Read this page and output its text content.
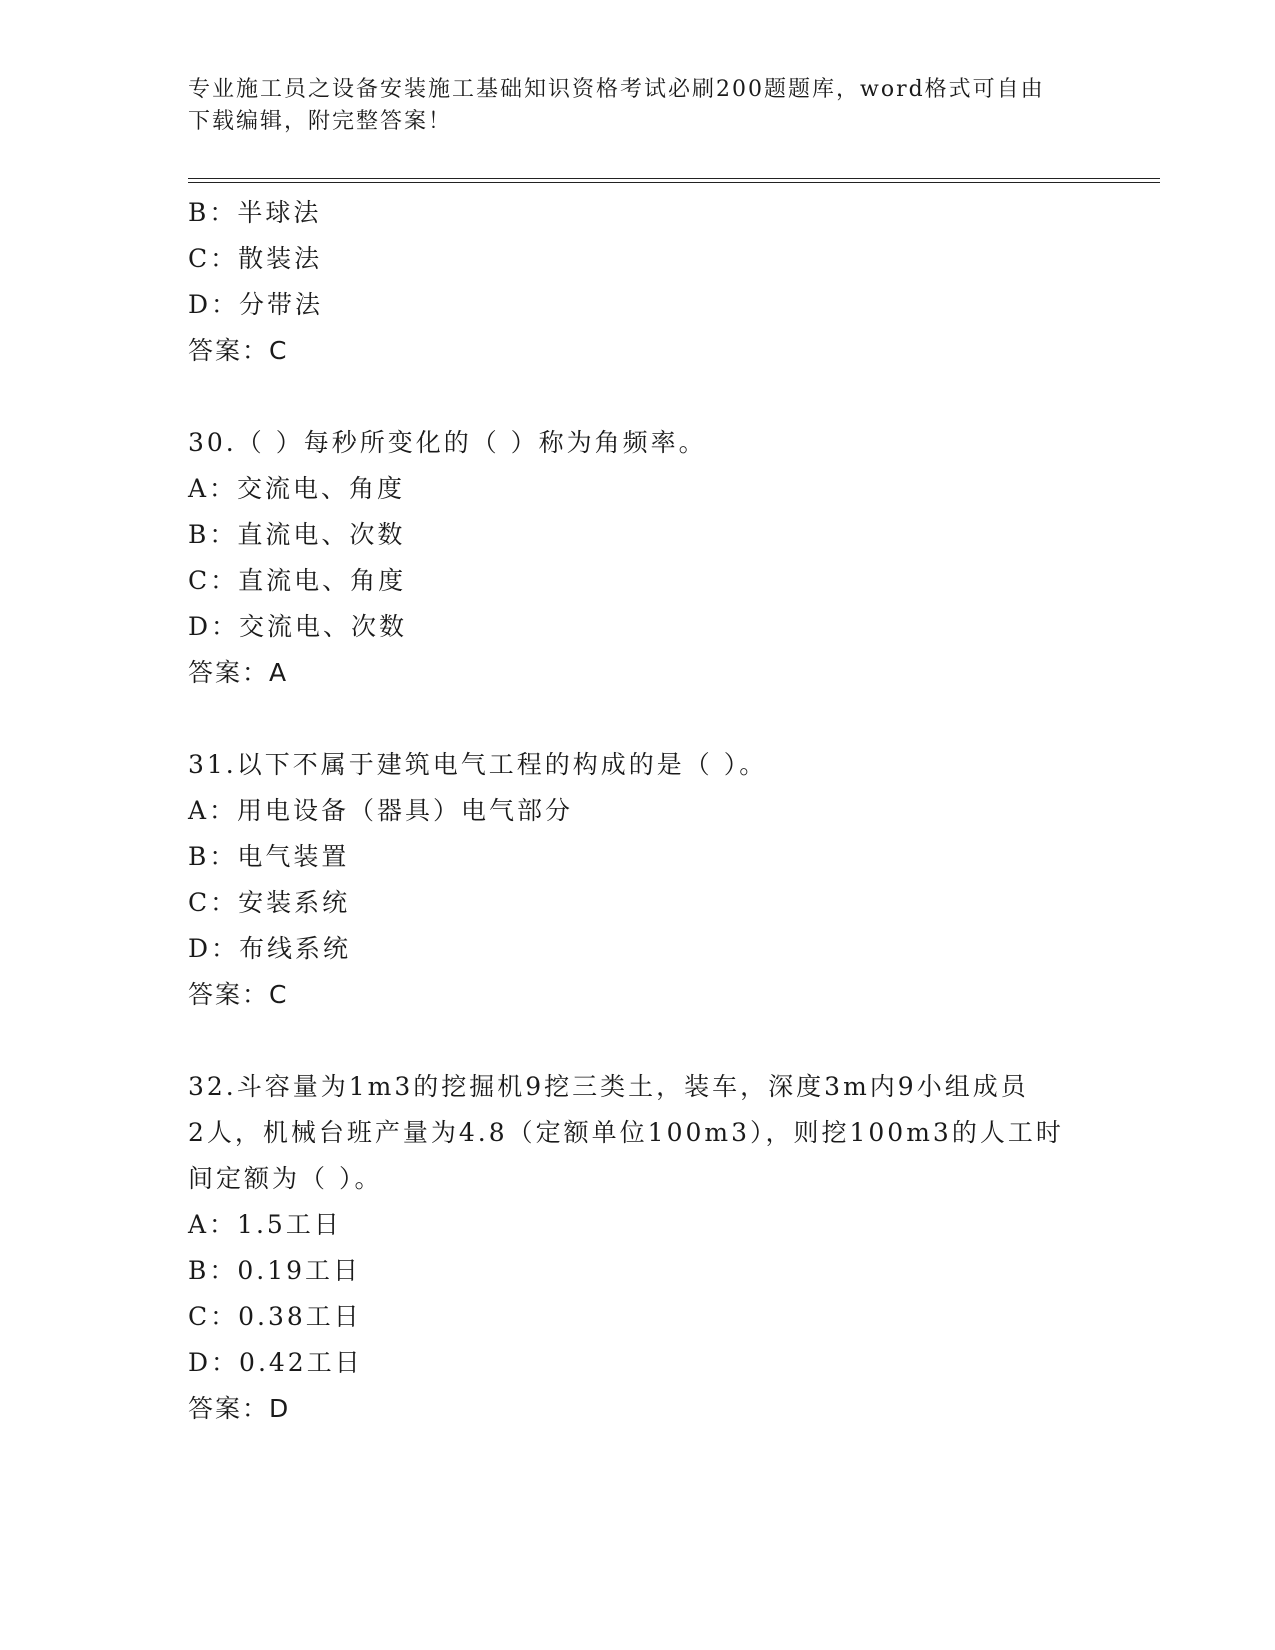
专业施工员之设备安装施工基础知识资格考试必刷200题题库，word格式可自由
下载编辑，附完整答案！
B：半球法
C：散装法
D：分带法
答案：C
30.（ ）每秒所变化的（ ）称为角频率。
A：交流电、角度
B：直流电、次数
C：直流电、角度
D：交流电、次数
答案：A
31.以下不属于建筑电气工程的构成的是（ ）。
A：用电设备（器具）电气部分
B：电气装置
C：安装系统
D：布线系统
答案：C
32.斗容量为1m3的挖掘机9挖三类土，装车，深度3m内9小组成员
2人，机械台班产量为4.8（定额单位100m3），则挖100m3的人工时
间定额为（ ）。
A：1.5工日
B：0.19工日
C：0.38工日
D：0.42工日
答案：D
